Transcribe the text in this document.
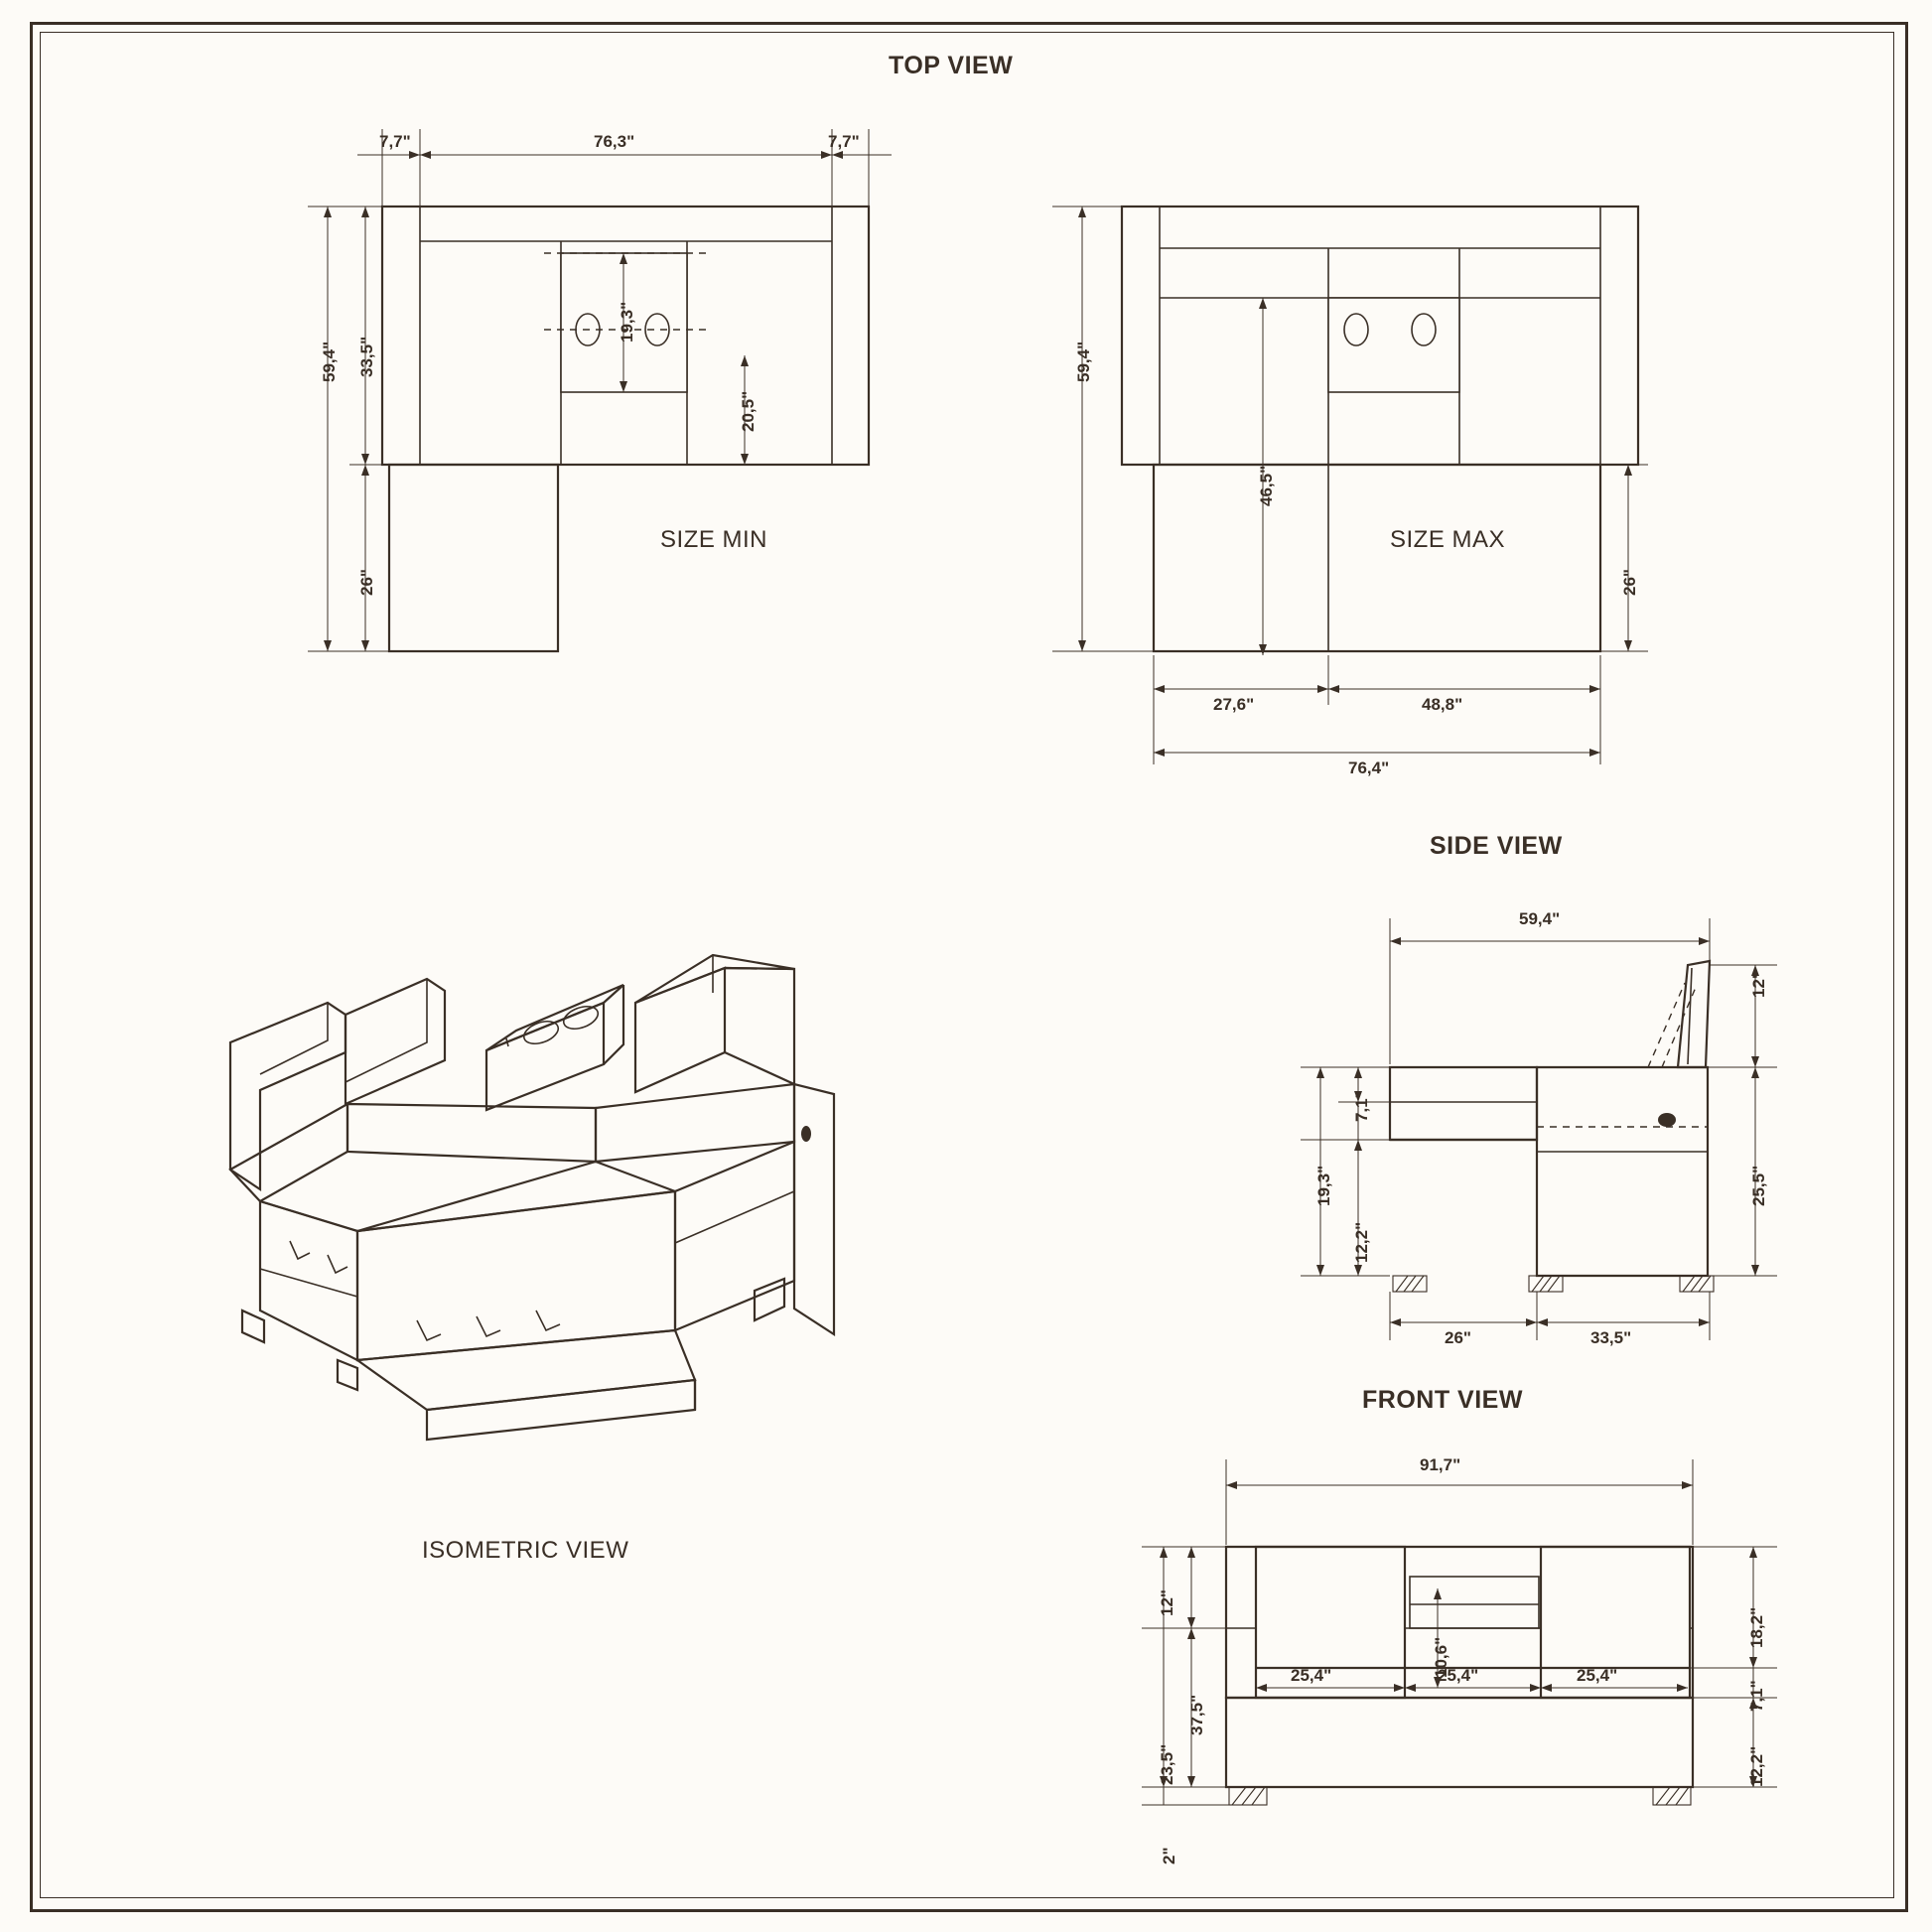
TOP VIEW
SIZE MIN	SIZE MAX
SIDE VIEW
FRONT VIEW
ISOMETRIC VIEW
7,7"	76,3"	7,7"
59,4" 33,5"
26"
19,3"
20,5"
59,4"
46,5"
26"
27,6"	48,8"
76,4"
59,4"
12"
25,5"
19,3"
7,1"
12,2"
26"	33,5"
91,7"
12"
37,5"
23,5"
10,6"
18,2"
7,1"
12,2"
2"
25,4"	25,4"	25,4"
